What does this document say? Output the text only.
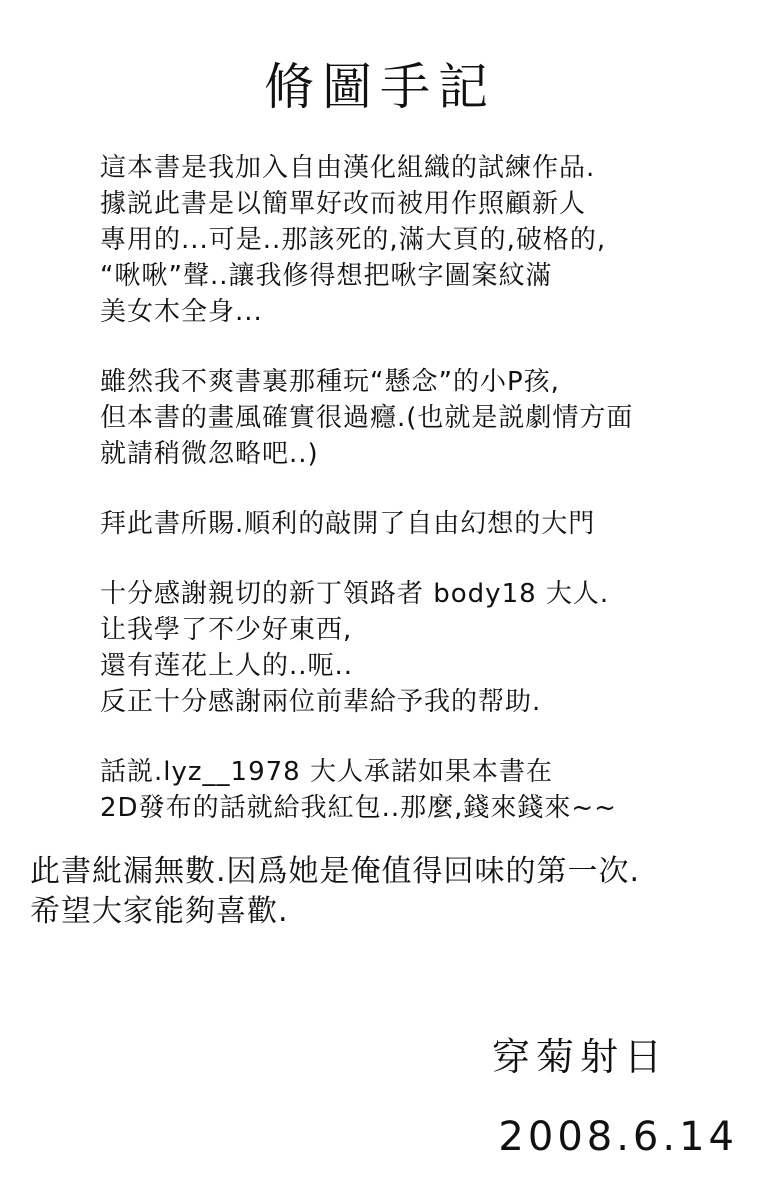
脩圖手記
這本書是我加入自由漢化組織的試練作品.
據説此書是以簡單好改而被用作照顧新人
專用的...可是..那該死的,滿大頁的,破格的,
“啾啾”聲..讓我修得想把啾字圖案紋滿
美女木全身...
雖然我不爽書裏那種玩“懸念”的小P孩,
但本書的畫風確實很過癮.(也就是説劇情方面
就請稍微忽略吧..)
拜此書所賜.順利的敲開了自由幻想的大門
十分感謝親切的新丁領路者 body18 大人.
让我學了不少好東西,
還有莲花上人的..呃..
反正十分感謝兩位前辈給予我的帮助.
話説.lyz__1978 大人承諾如果本書在
2D發布的話就給我紅包..那麼,錢來錢來~~
此書紕漏無數.因爲她是俺值得回味的第一次.
希望大家能夠喜歡.
穿菊射日
2008.6.14
